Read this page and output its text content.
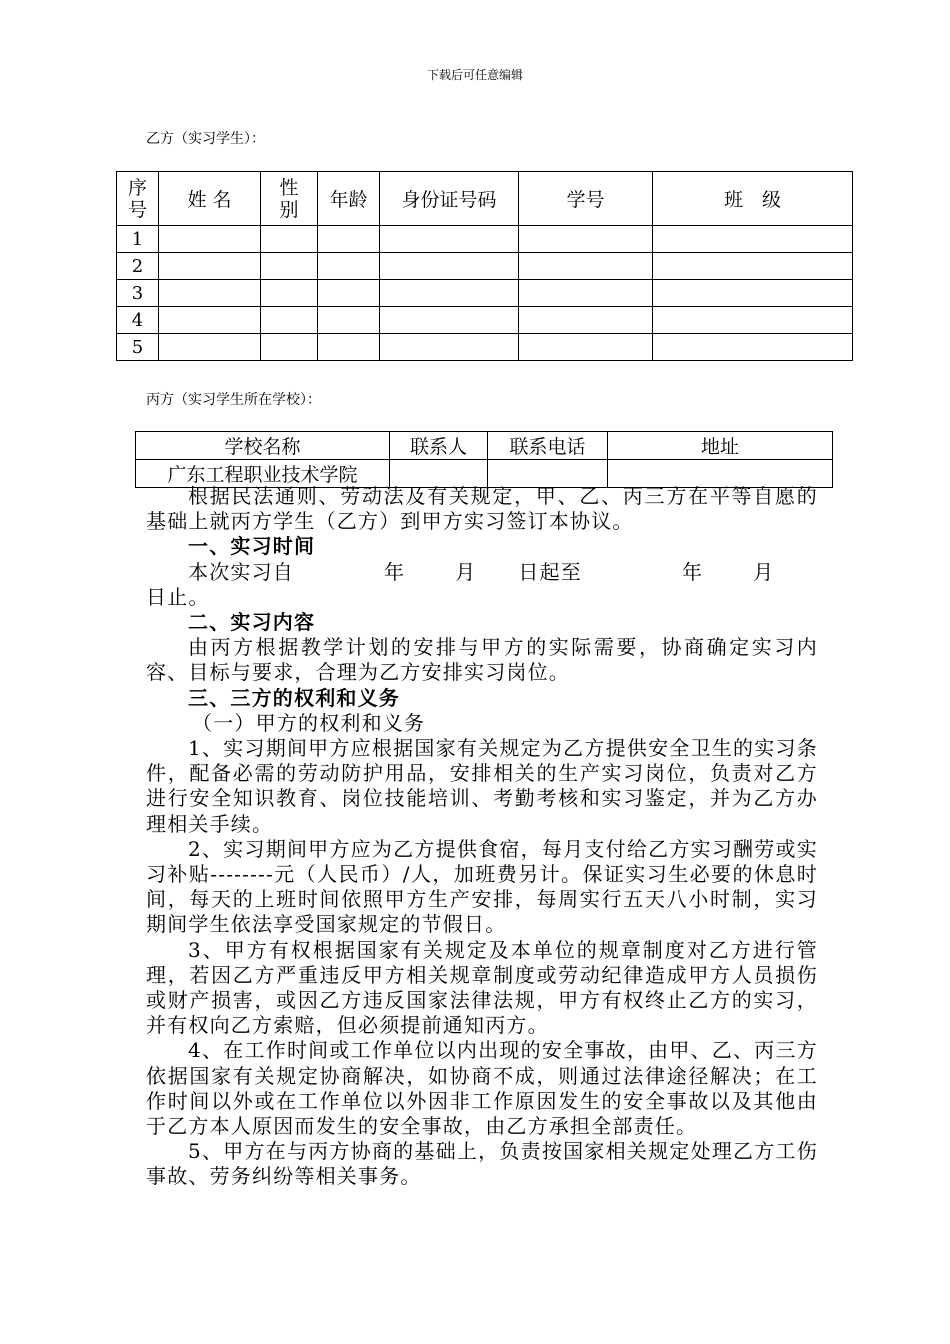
下载后可任意编辑
乙方（实习学生）：
序号	姓 名	性别	年龄	身份证号码	学号	班　级
1						
2						
3						
4						
5						
丙方（实习学生所在学校）：
学校名称	联系人	联系电话	地址
广东工程职业技术学院			

根据民法通则、劳动法及有关规定，甲、乙、丙三方在平等自愿的基础上就丙方学生（乙方）到甲方实习签订本协议。

一、实习时间

本次实习自	年	月 日起至	年	月

日止。

二、实习内容

由丙方根据教学计划的安排与甲方的实际需要，协商确定实习内容、目标与要求，合理为乙方安排实习岗位。

三、三方的权利和义务

（一）甲方的权利和义务

1、实习期间甲方应根据国家有关规定为乙方提供安全卫生的实习条件，配备必需的劳动防护用品，安排相关的生产实习岗位，负责对乙方进行安全知识教育、岗位技能培训、考勤考核和实习鉴定，并为乙方办理相关手续。

2、实习期间甲方应为乙方提供食宿，每月支付给乙方实习酬劳或实习补贴--------元（人民币）/人，加班费另计。保证实习生必要的休息时间，每天的上班时间依照甲方生产安排，每周实行五天八小时制，实习期间学生依法享受国家规定的节假日。

3、甲方有权根据国家有关规定及本单位的规章制度对乙方进行管理，若因乙方严重违反甲方相关规章制度或劳动纪律造成甲方人员损伤或财产损害，或因乙方违反国家法律法规，甲方有权终止乙方的实习，并有权向乙方索赔，但必须提前通知丙方。

4、在工作时间或工作单位以内出现的安全事故，由甲、乙、丙三方依据国家有关规定协商解决，如协商不成，则通过法律途径解决；在工作时间以外或在工作单位以外因非工作原因发生的安全事故以及其他由于乙方本人原因而发生的安全事故，由乙方承担全部责任。

5、甲方在与丙方协商的基础上，负责按国家相关规定处理乙方工伤事故、劳务纠纷等相关事务。
